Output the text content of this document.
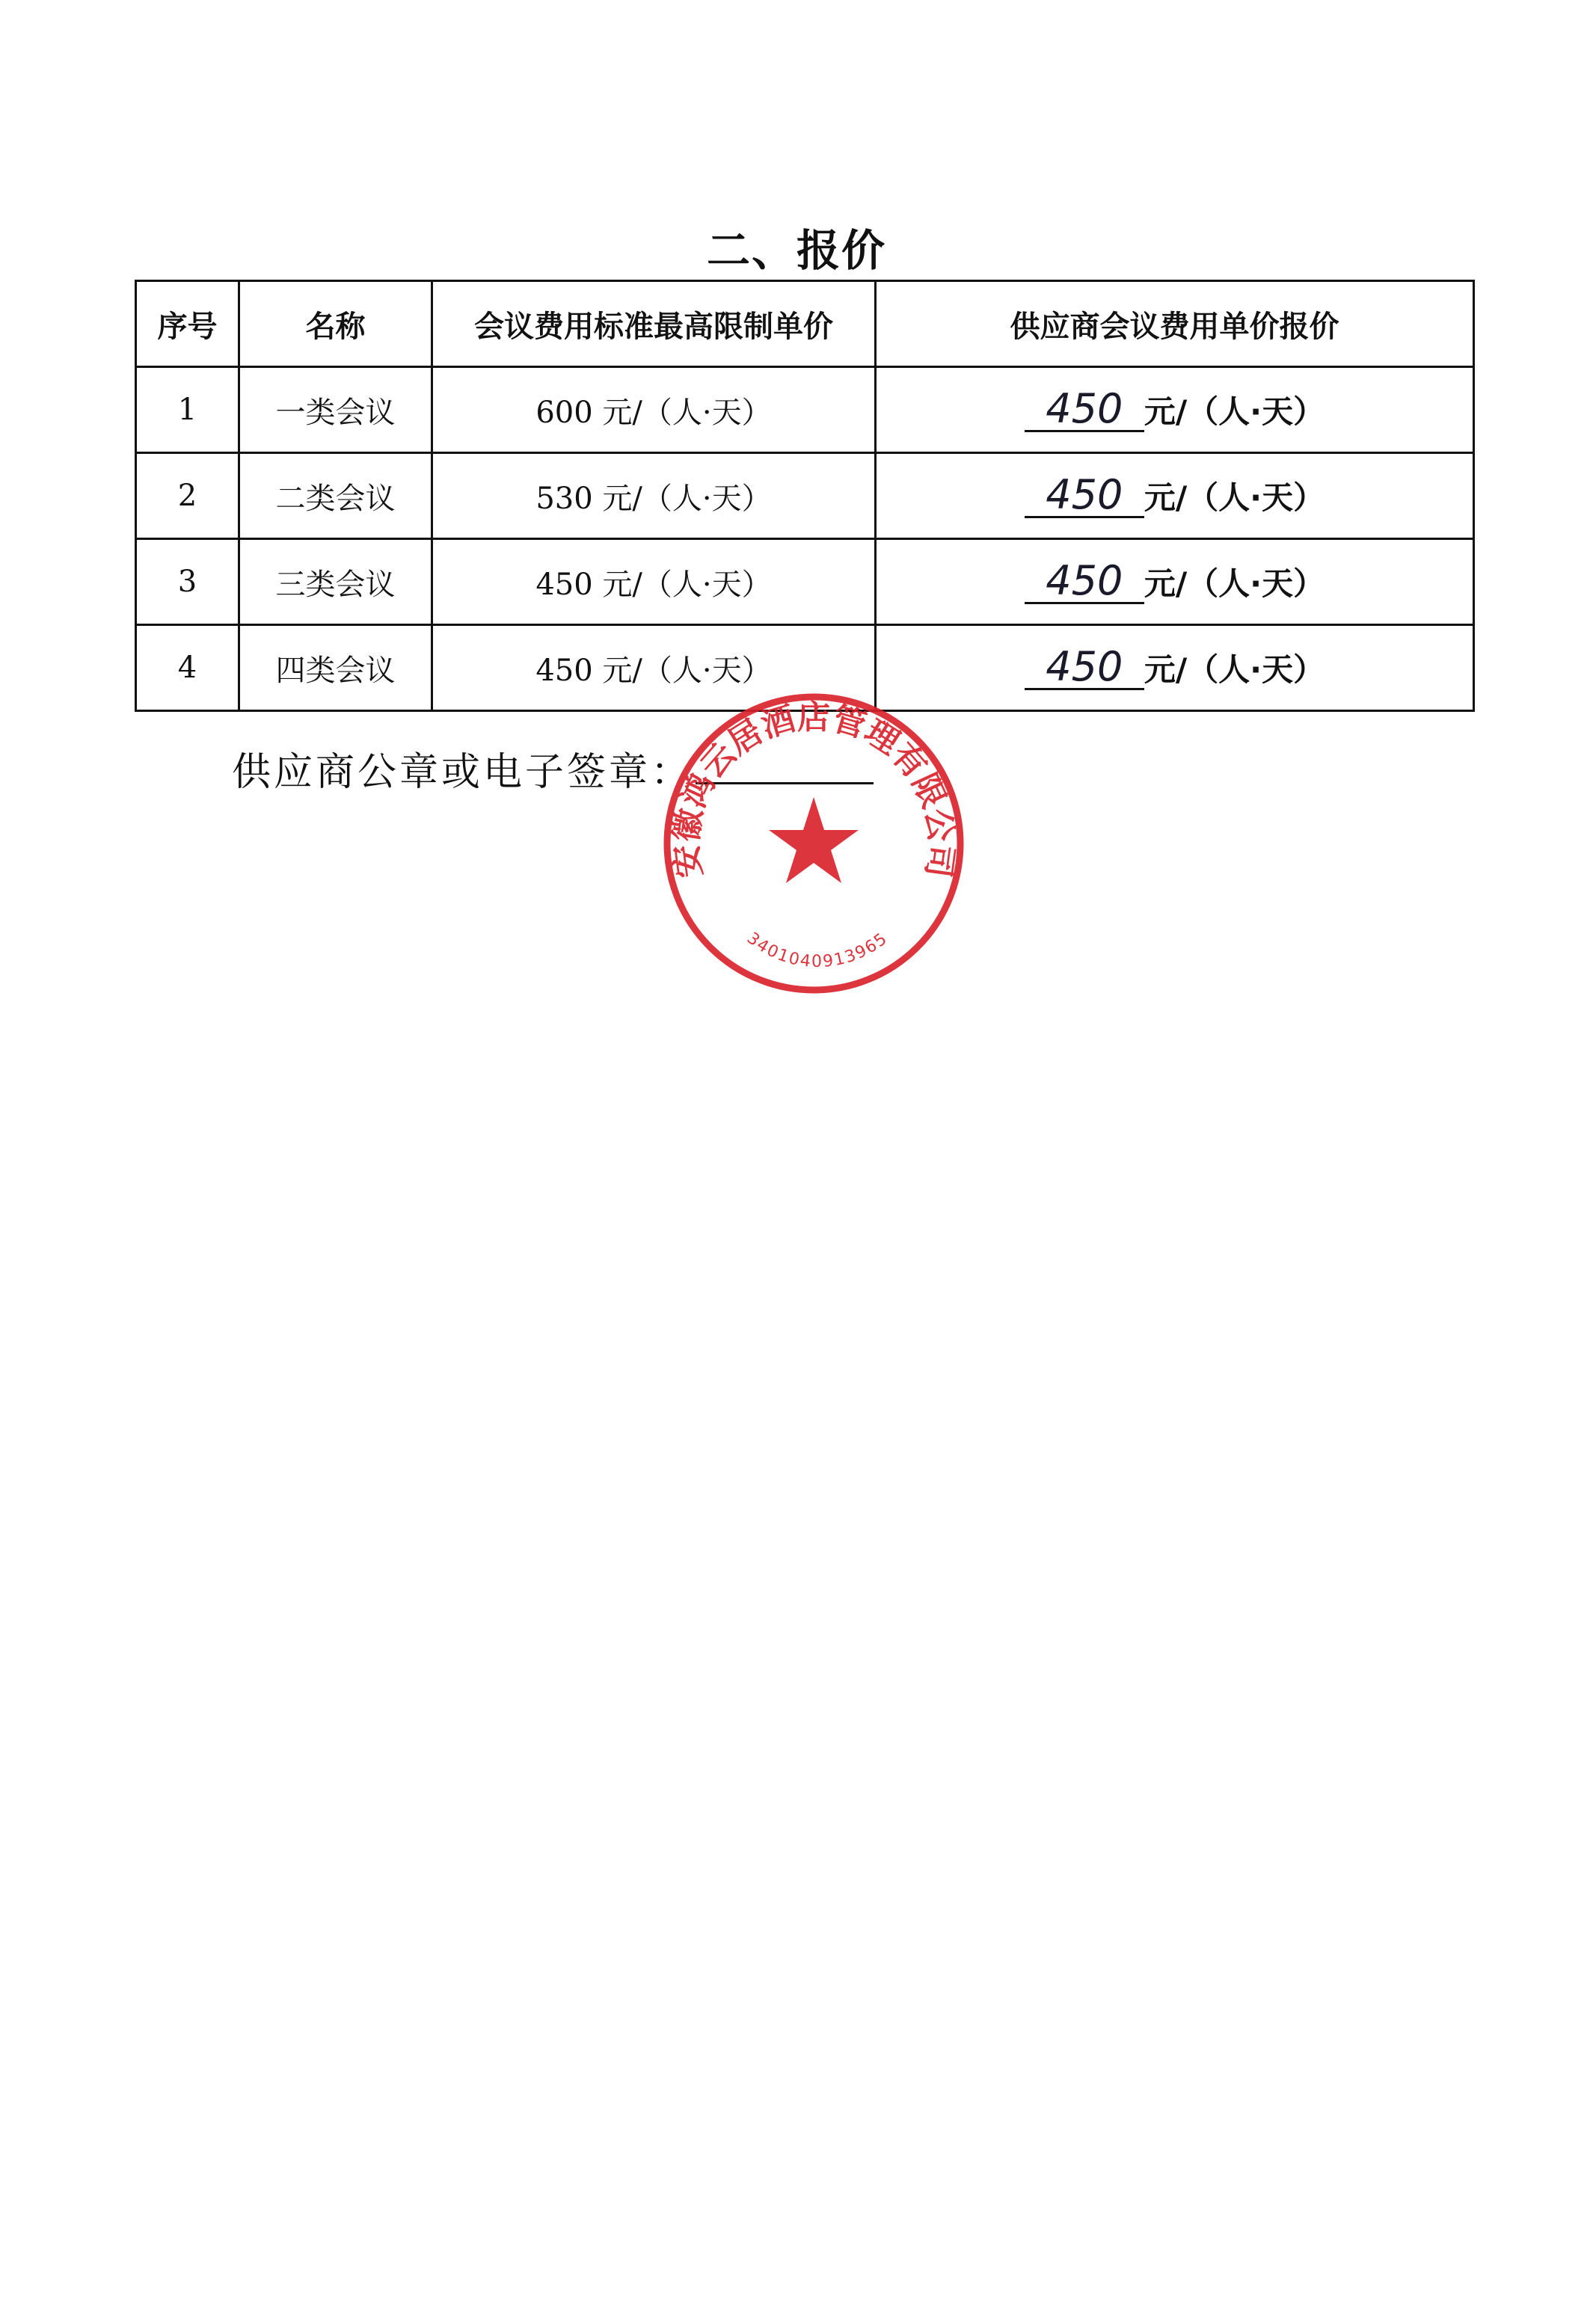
二、报价
序号	名称	会议费用标准最高限制单价	供应商会议费用单价报价
1	一类会议	600 元/（人·天）	450 元/（人·天）
2	二类会议	530 元/（人·天）	450 元/（人·天）
3	三类会议	450 元/（人·天）	450 元/（人·天）
4	四类会议	450 元/（人·天）	450 元/（人·天）
供应商公章或电子签章：
安徽鸿云居酒店管理有限公司
3401040913965
